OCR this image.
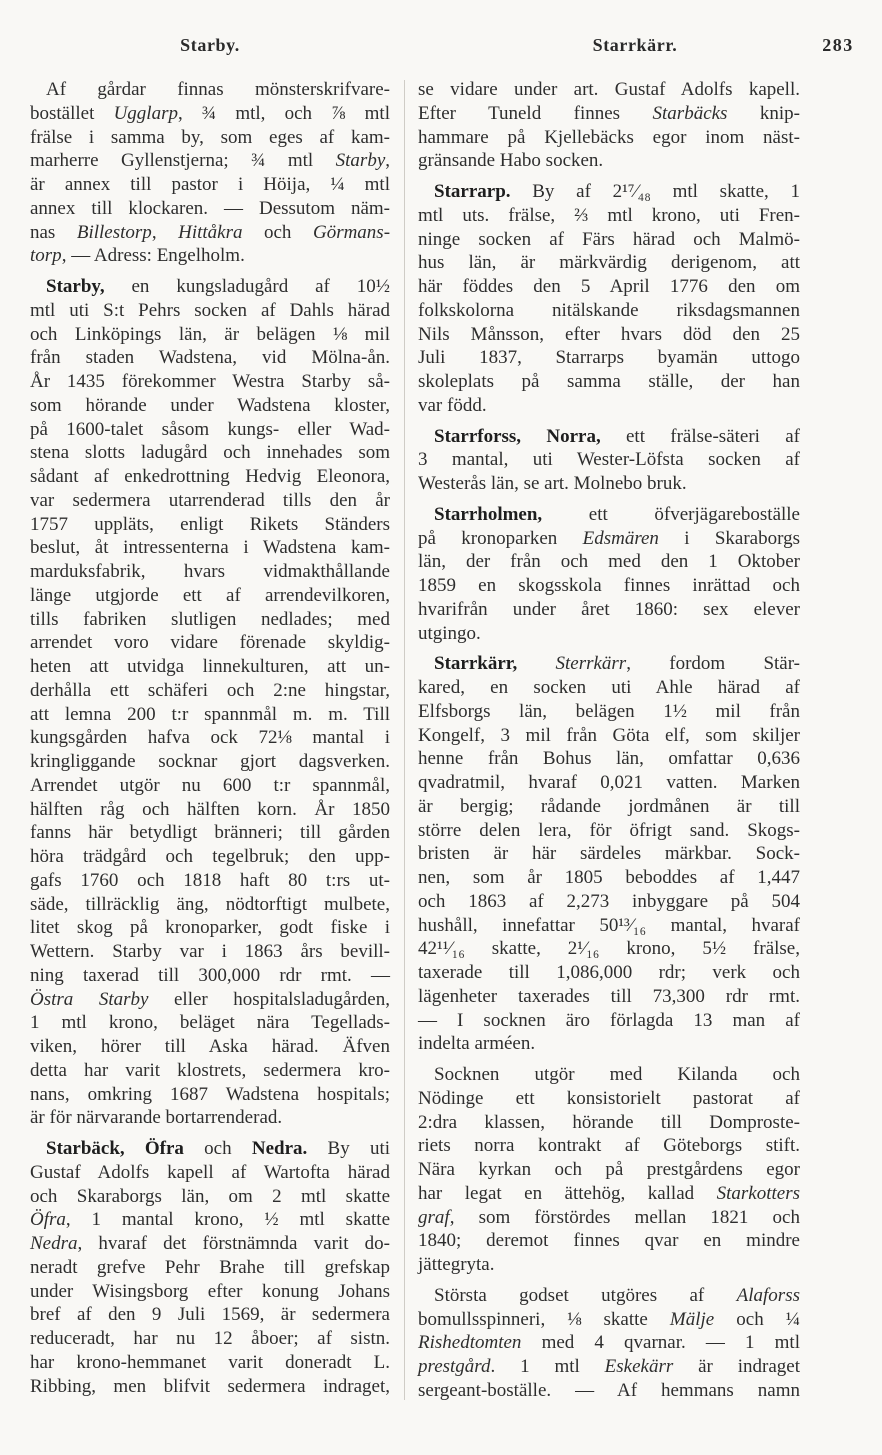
Starby.	Starrkärr.	283
Af gårdar finnas mönsterskrifvare-
bostället Ugglarp, ¾ mtl, och ⅞ mtl
frälse i samma by, som eges af kam-
marherre Gyllenstjerna; ¾ mtl Starby,
är annex till pastor i Höija, ¼ mtl
annex till klockaren. — Dessutom näm-
nas Billestorp, Hittåkra och Görmans-
torp, — Adress: Engelholm.
Starby, en kungsladugård af 10½
mtl uti S:t Pehrs socken af Dahls härad
och Linköpings län, är belägen ⅛ mil
från staden Wadstena, vid Mölna-ån.
År 1435 förekommer Westra Starby så-
som hörande under Wadstena kloster,
på 1600-talet såsom kungs- eller Wad-
stena slotts ladugård och innehades som
sådant af enkedrottning Hedvig Eleonora,
var sedermera utarrenderad tills den år
1757 uppläts, enligt Rikets Ständers
beslut, åt intressenterna i Wadstena kam-
marduksfabrik, hvars vidmakthållande
länge utgjorde ett af arrendevilkoren,
tills fabriken slutligen nedlades; med
arrendet voro vidare förenade skyldig-
heten att utvidga linnekulturen, att un-
derhålla ett schäferi och 2:ne hingstar,
att lemna 200 t:r spannmål m. m. Till
kungsgården hafva ock 72⅛ mantal i
kringliggande socknar gjort dagsverken.
Arrendet utgör nu 600 t:r spannmål,
hälften råg och hälften korn. År 1850
fanns här betydligt bränneri; till gården
höra trädgård och tegelbruk; den upp-
gafs 1760 och 1818 haft 80 t:rs ut-
säde, tillräcklig äng, nödtorftigt mulbete,
litet skog på kronoparker, godt fiske i
Wettern. Starby var i 1863 års bevill-
ning taxerad till 300,000 rdr rmt. —
Östra Starby eller hospitalsladugården,
1 mtl krono, beläget nära Tegellads-
viken, hörer till Aska härad. Äfven
detta har varit klostrets, sedermera kro-
nans, omkring 1687 Wadstena hospitals;
är för närvarande bortarrenderad.
Starbäck, Öfra och Nedra. By uti
Gustaf Adolfs kapell af Wartofta härad
och Skaraborgs län, om 2 mtl skatte
Öfra, 1 mantal krono, ½ mtl skatte
Nedra, hvaraf det förstnämnda varit do-
neradt grefve Pehr Brahe till grefskap
under Wisingsborg efter konung Johans
bref af den 9 Juli 1569, är sedermera
reduceradt, har nu 12 åboer; af sistn.
har krono-hemmanet varit doneradt L.
Ribbing, men blifvit sedermera indraget,
se vidare under art. Gustaf Adolfs kapell.
Efter Tuneld finnes Starbäcks knip-
hammare på Kjellebäcks egor inom näst-
gränsande Habo socken.
Starrarp. By af 2¹⁷⁄₄₈ mtl skatte, 1
mtl uts. frälse, ⅔ mtl krono, uti Fren-
ninge socken af Färs härad och Malmö-
hus län, är märkvärdig derigenom, att
här föddes den 5 April 1776 den om
folkskolorna nitälskande riksdagsmannen
Nils Månsson, efter hvars död den 25
Juli 1837, Starrarps byamän uttogo
skoleplats på samma ställe, der han
var född.
Starrforss, Norra, ett frälse-säteri af
3 mantal, uti Wester-Löfsta socken af
Westerås län, se art. Molnebo bruk.
Starrholmen, ett öfverjägareboställe
på kronoparken Edsmären i Skaraborgs
län, der från och med den 1 Oktober
1859 en skogsskola finnes inrättad och
hvarifrån under året 1860: sex elever
utgingo.
Starrkärr, Sterrkärr, fordom Stär-
kared, en socken uti Ahle härad af
Elfsborgs län, belägen 1½ mil från
Kongelf, 3 mil från Göta elf, som skiljer
henne från Bohus län, omfattar 0,636
qvadratmil, hvaraf 0,021 vatten. Marken
är bergig; rådande jordmånen är till
större delen lera, för öfrigt sand. Skogs-
bristen är här särdeles märkbar. Sock-
nen, som år 1805 beboddes af 1,447
och 1863 af 2,273 inbyggare på 504
hushåll, innefattar 50¹³⁄₁₆ mantal, hvaraf
42¹¹⁄₁₆ skatte, 2¹⁄₁₆ krono, 5½ frälse,
taxerade till 1,086,000 rdr; verk och
lägenheter taxerades till 73,300 rdr rmt.
— I socknen äro förlagda 13 man af
indelta arméen.
Socknen utgör med Kilanda och
Nödinge ett konsistorielt pastorat af
2:dra klassen, hörande till Domproste-
riets norra kontrakt af Göteborgs stift.
Nära kyrkan och på prestgårdens egor
har legat en ättehög, kallad Starkotters
graf, som förstördes mellan 1821 och
1840; deremot finnes qvar en mindre
jättegryta.
Största godset utgöres af Alaforss
bomullsspinneri, ⅛ skatte Mälje och ¼
Rishedtomten med 4 qvarnar. — 1 mtl
prestgård. 1 mtl Eskekärr är indraget
sergeant-boställe. — Af hemmans namn
